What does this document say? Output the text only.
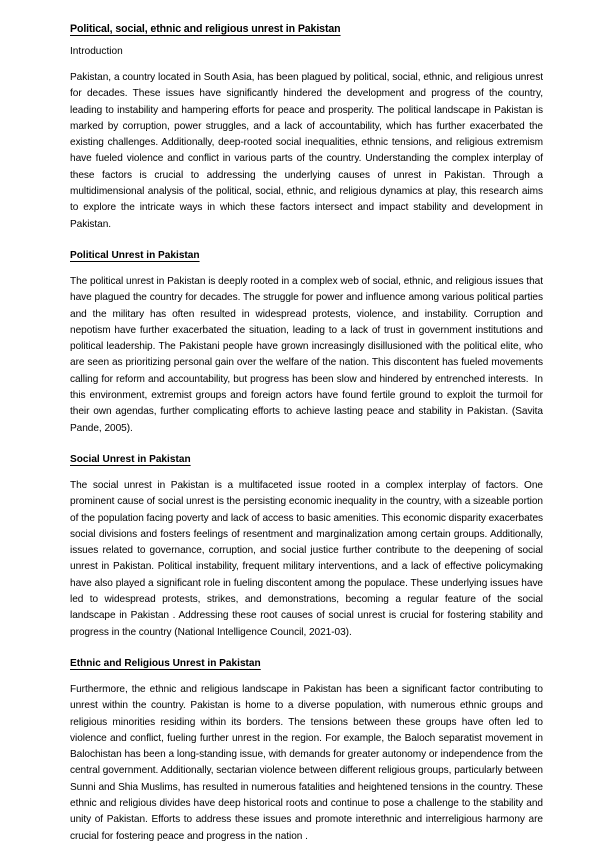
Political, social, ethnic and religious unrest in Pakistan
Introduction

Pakistan, a country located in South Asia, has been plagued by political, social, ethnic, and religious unrest for decades. These issues have significantly hindered the development and progress of the country, leading to instability and hampering efforts for peace and prosperity. The political landscape in Pakistan is marked by corruption, power struggles, and a lack of accountability, which has further exacerbated the existing challenges. Additionally, deep-rooted social inequalities, ethnic tensions, and religious extremism have fueled violence and conflict in various parts of the country. Understanding the complex interplay of these factors is crucial to addressing the underlying causes of unrest in Pakistan. Through a multidimensional analysis of the political, social, ethnic, and religious dynamics at play, this research aims to explore the intricate ways in which these factors intersect and impact stability and development in Pakistan.

Political Unrest in Pakistan

The political unrest in Pakistan is deeply rooted in a complex web of social, ethnic, and religious issues that have plagued the country for decades. The struggle for power and influence among various political parties and the military has often resulted in widespread protests, violence, and instability. Corruption and nepotism have further exacerbated the situation, leading to a lack of trust in government institutions and political leadership. The Pakistani people have grown increasingly disillusioned with the political elite, who are seen as prioritizing personal gain over the welfare of the nation. This discontent has fueled movements calling for reform and accountability, but progress has been slow and hindered by entrenched interests.  In this environment, extremist groups and foreign actors have found fertile ground to exploit the turmoil for their own agendas, further complicating efforts to achieve lasting peace and stability in Pakistan. (Savita Pande, 2005).

Social Unrest in Pakistan

The social unrest in Pakistan is a multifaceted issue rooted in a complex interplay of factors. One prominent cause of social unrest is the persisting economic inequality in the country, with a sizeable portion of the population facing poverty and lack of access to basic amenities. This economic disparity exacerbates social divisions and fosters feelings of resentment and marginalization among certain groups. Additionally, issues related to governance, corruption, and social justice further contribute to the deepening of social unrest in Pakistan. Political instability, frequent military interventions, and a lack of effective policymaking have also played a significant role in fueling discontent among the populace. These underlying issues have led to widespread protests, strikes, and demonstrations, becoming a regular feature of the social landscape in Pakistan . Addressing these root causes of social unrest is crucial for fostering stability and progress in the country (National Intelligence Council, 2021-03).

Ethnic and Religious Unrest in Pakistan

Furthermore, the ethnic and religious landscape in Pakistan has been a significant factor contributing to unrest within the country. Pakistan is home to a diverse population, with numerous ethnic groups and religious minorities residing within its borders. The tensions between these groups have often led to violence and conflict, fueling further unrest in the region. For example, the Baloch separatist movement in Balochistan has been a long-standing issue, with demands for greater autonomy or independence from the central government. Additionally, sectarian violence between different religious groups, particularly between Sunni and Shia Muslims, has resulted in numerous fatalities and heightened tensions in the country. These ethnic and religious divides have deep historical roots and continue to pose a challenge to the stability and unity of Pakistan. Efforts to address these issues and promote interethnic and interreligious harmony are crucial for fostering peace and progress in the nation .
